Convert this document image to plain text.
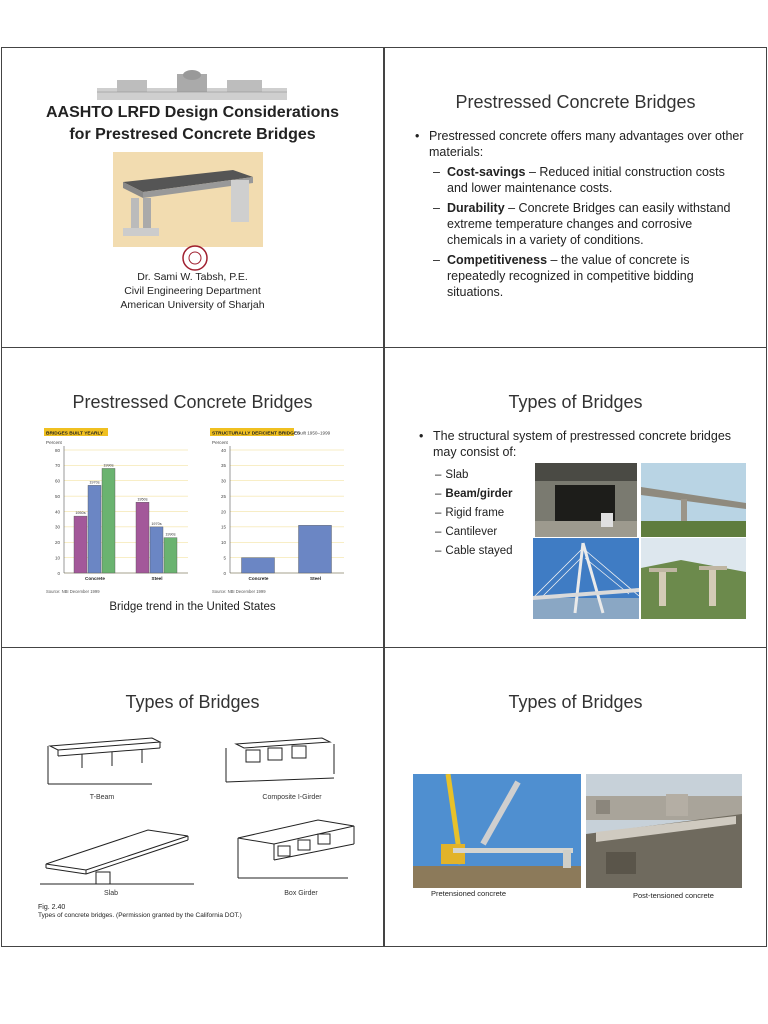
AASHTO LRFD Design Considerations
for Prestresed Concrete Bridges
Dr. Sami W. Tabsh, P.E.
Civil Engineering Department
American University of Sharjah
Prestressed Concrete Bridges
• Prestressed concrete offers many advantages over other materials:
– Cost-savings – Reduced initial construction costs and lower maintenance costs.
– Durability – Concrete Bridges can easily withstand extreme temperature changes and corrosive chemicals in a variety of conditions.
– Competitiveness – the value of concrete is repeatedly recognized in competitive bidding situations.
Prestressed Concrete Bridges
BRIDGES BUILT YEARLY
Percent
0
10
20
30
40
50
60
70
80
1950s
1970s
1990s
Concrete
1950s
1970s
1990s
Steel
Source: NBI December 1999
STRUCTURALLY DEFICIENT BRIDGES
Built 1950–1999
Percent
0
5
10
15
20
25
30
35
40
Concrete	Steel
Source: NBI December 1999
Bridge trend in the United States
Types of Bridges
• The structural system of prestressed concrete bridges may consist of:
– Slab
– Beam/girder
– Rigid frame
– Cantilever
– Cable stayed
Types of Bridges
T-Beam	Composite I-Girder
Slab	Box Girder
Fig. 2.40
Types of concrete bridges. (Permission granted by the California DOT.)
Types of Bridges
Pretensioned concrete	Post-tensioned concrete
